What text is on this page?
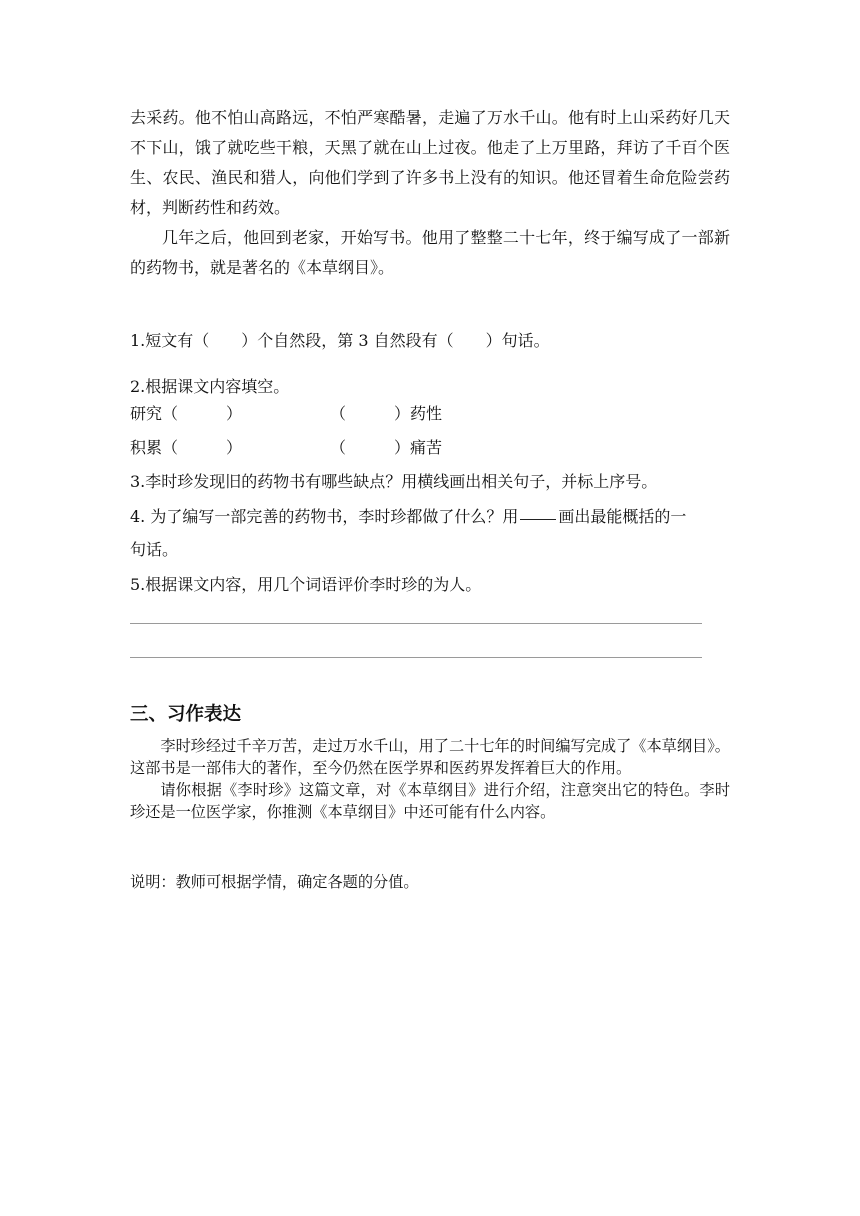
去采药。他不怕山高路远，不怕严寒酷暑，走遍了万水千山。他有时上山采药好几天不下山，饿了就吃些干粮，天黑了就在山上过夜。他走了上万里路，拜访了千百个医生、农民、渔民和猎人，向他们学到了许多书上没有的知识。他还冒着生命危险尝药材，判断药性和药效。

几年之后，他回到老家，开始写书。他用了整整二十七年，终于编写成了一部新的药物书，就是著名的《本草纲目》。

1.短文有（　　）个自然段，第 3 自然段有（　　）句话。
2.根据课文内容填空。
研究（　　　）	（　　　）药性
积累（　　　）	（　　　）痛苦
3.李时珍发现旧的药物书有哪些缺点？用横线画出相关句子，并标上序号。
4. 为了编写一部完善的药物书，李时珍都做了什么？用	画出最能概括的一
句话。
5.根据课文内容，用几个词语评价李时珍的为人。
三、习作表达

李时珍经过千辛万苦，走过万水千山，用了二十七年的时间编写完成了《本草纲目》。这部书是一部伟大的著作，至今仍然在医学界和医药界发挥着巨大的作用。

请你根据《李时珍》这篇文章，对《本草纲目》进行介绍，注意突出它的特色。李时珍还是一位医学家，你推测《本草纲目》中还可能有什么内容。

说明：教师可根据学情，确定各题的分值。
